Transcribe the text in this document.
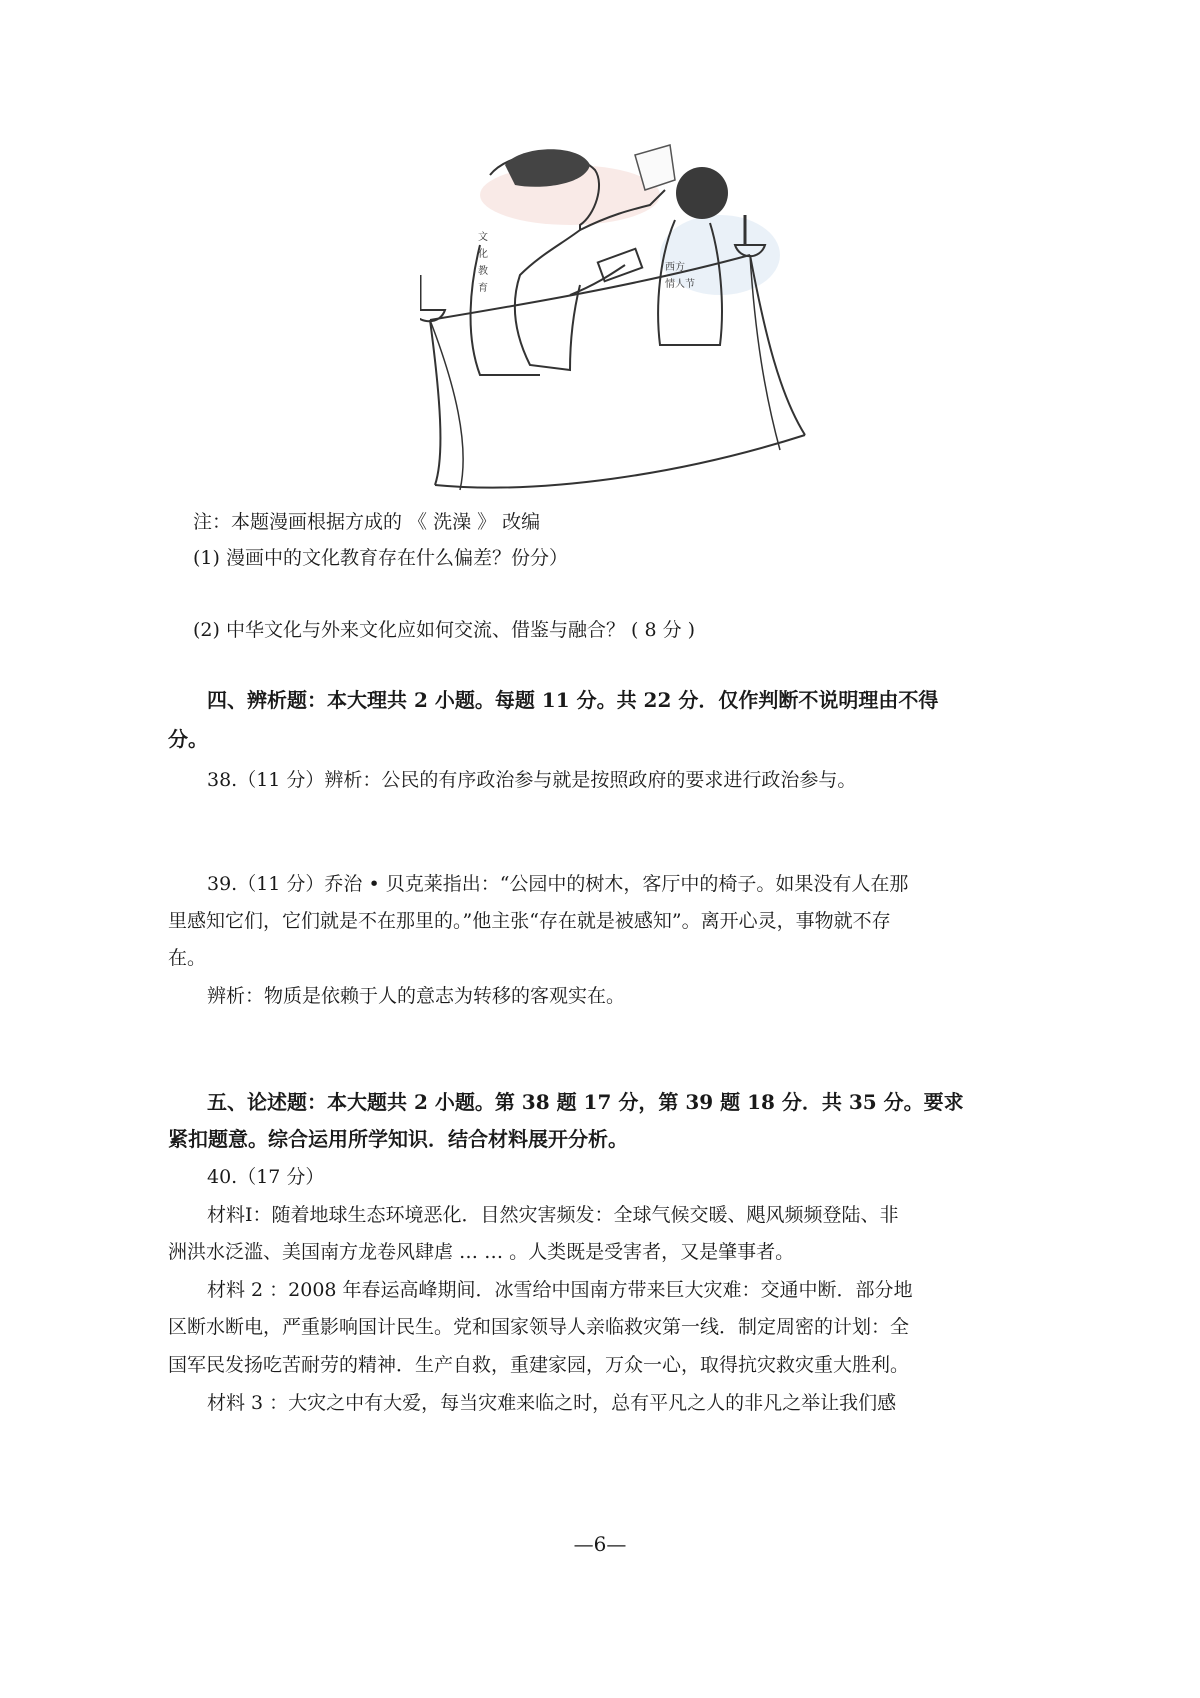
文
化
教
育
西方
情人节
注：本题漫画根据方成的 《 洗澡 》 改编
(1) 漫画中的文化教育存在什么偏差？份分）
(2) 中华文化与外来文化应如何交流、借鉴与融合？ ( 8 分 )
四、辨析题：本大理共 2 小题。每题 11 分。共 22 分．仅作判断不说明理由不得
分。
38.（11 分）辨析：公民的有序政治参与就是按照政府的要求进行政治参与。
39.（11 分）乔治 • 贝克莱指出：“公园中的树木，客厅中的椅子。如果没有人在那
里感知它们，它们就是不在那里的。”他主张“存在就是被感知”。离开心灵，事物就不存
在。
辨析：物质是依赖于人的意志为转移的客观实在。
五、论述题：本大题共 2 小题。第 38 题 17 分，第 39 题 18 分．共 35 分。要求
紧扣题意。综合运用所学知识．结合材料展开分析。
40.（17 分）
材料Ⅰ：随着地球生态环境恶化．目然灾害频发：全球气候交暖、飓风频频登陆、非
洲洪水泛滥、美国南方龙卷风肆虐 … … 。人类既是受害者，又是肇事者。
材料 2 ：2008 年春运高峰期间．冰雪给中国南方带来巨大灾难：交通中断．部分地
区断水断电，严重影响国计民生。党和国家领导人亲临救灾第一线．制定周密的计划：全
国军民发扬吃苦耐劳的精神．生产自救，重建家园，万众一心，取得抗灾救灾重大胜利。
材料 3 ：大灾之中有大爱，每当灾难来临之时，总有平凡之人的非凡之举让我们感
—6—
